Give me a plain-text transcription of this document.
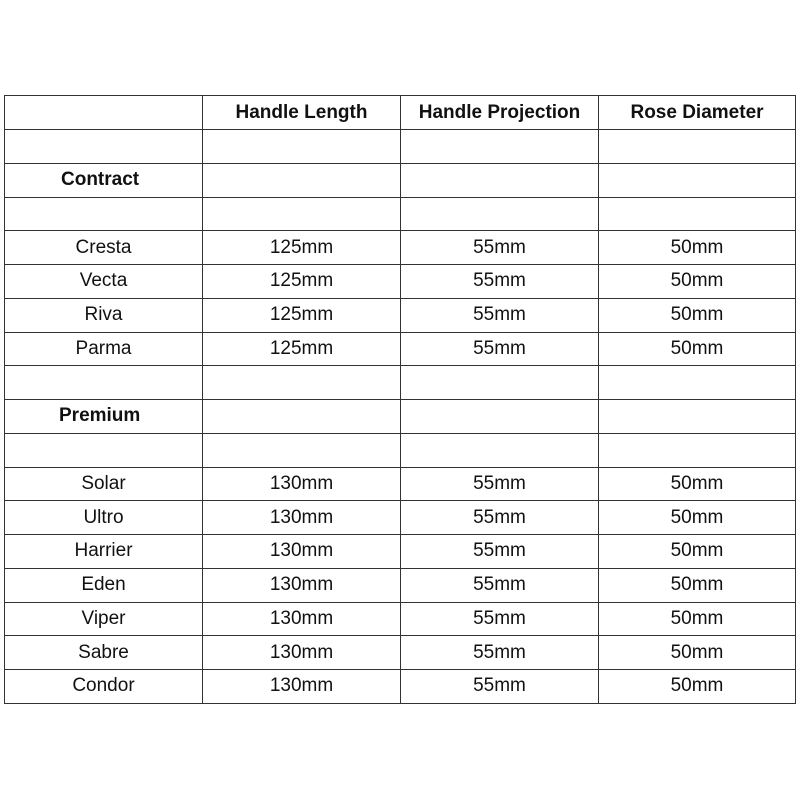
	Handle Length	Handle Projection	Rose Diameter

Contract			

Cresta	125mm	55mm	50mm
Vecta	125mm	55mm	50mm
Riva	125mm	55mm	50mm
Parma	125mm	55mm	50mm

Premium			

Solar	130mm	55mm	50mm
Ultro	130mm	55mm	50mm
Harrier	130mm	55mm	50mm
Eden	130mm	55mm	50mm
Viper	130mm	55mm	50mm
Sabre	130mm	55mm	50mm
Condor	130mm	55mm	50mm
